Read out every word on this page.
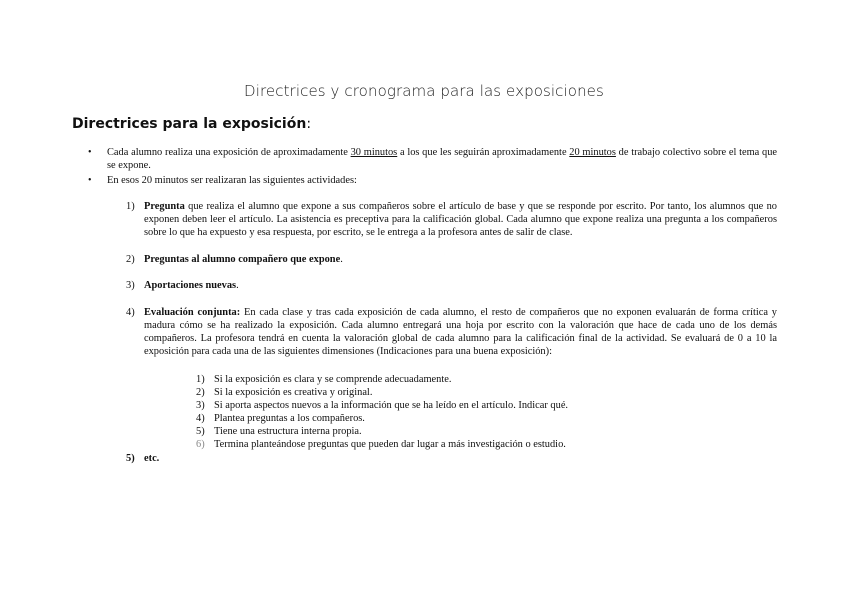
Directrices y cronograma para las exposiciones
Directrices para la exposición:
• Cada alumno realiza una exposición de aproximadamente 30 minutos a los que les seguirán aproximadamente 20 minutos de trabajo colectivo sobre el tema que se expone.
• En esos 20 minutos ser realizaran las siguientes actividades:
1) Pregunta que realiza el alumno que expone a sus compañeros sobre el artículo de base y que se responde por escrito. Por tanto, los alumnos que no exponen deben leer el artículo. La asistencia es preceptiva para la calificación global. Cada alumno que expone realiza una pregunta a los compañeros sobre lo que ha expuesto y esa respuesta, por escrito, se le entrega a la profesora antes de salir de clase.
2) Preguntas al alumno compañero que expone.
3) Aportaciones nuevas.
4) Evaluación conjunta: En cada clase y tras cada exposición de cada alumno, el resto de compañeros que no exponen evaluarán de forma crítica y madura cómo se ha realizado la exposición. Cada alumno entregará una hoja por escrito con la valoración que hace de cada uno de los demás compañeros. La profesora tendrá en cuenta la valoración global de cada alumno para la calificación final de la actividad. Se evaluará de 0 a 10 la exposición para cada una de las siguientes dimensiones (Indicaciones para una buena exposición):
1) Si la exposición es clara y se comprende adecuadamente.
2) Si la exposición es creativa y original.
3) Si aporta aspectos nuevos a la información que se ha leído en el artículo. Indicar qué.
4) Plantea preguntas a los compañeros.
5) Tiene una estructura interna propia.
6) Termina planteándose preguntas que pueden dar lugar a más investigación o estudio.
5) etc.
